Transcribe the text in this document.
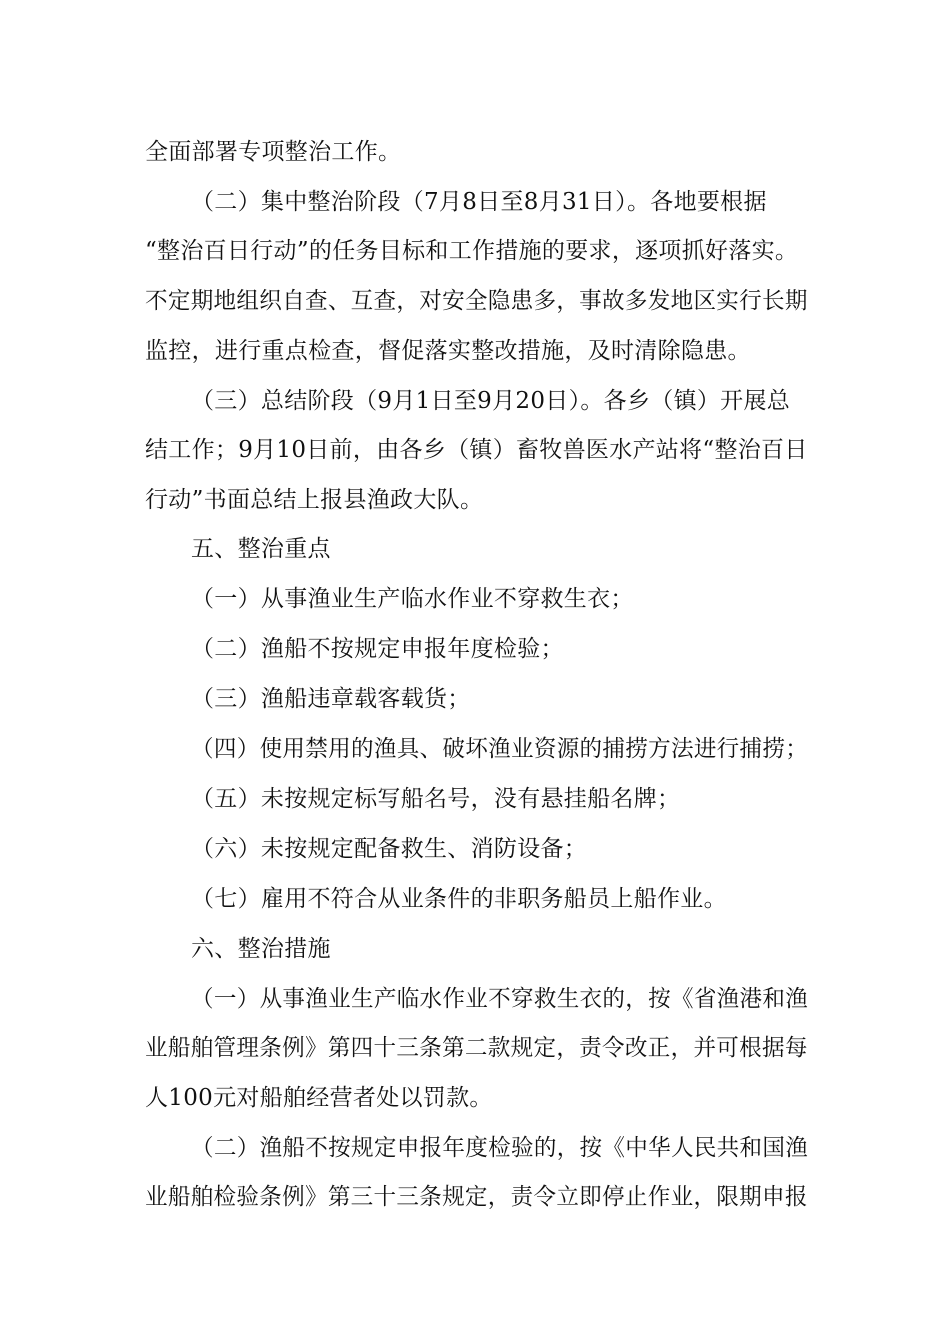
全面部署专项整治工作。
（二）集中整治阶段（7月8日至8月31日）。各地要根据
“整治百日行动”的任务目标和工作措施的要求，逐项抓好落实。
不定期地组织自查、互查，对安全隐患多，事故多发地区实行长期
监控，进行重点检查，督促落实整改措施，及时清除隐患。
（三）总结阶段（9月1日至9月20日）。各乡（镇）开展总
结工作；9月10日前，由各乡（镇）畜牧兽医水产站将“整治百日
行动”书面总结上报县渔政大队。
五、整治重点
（一）从事渔业生产临水作业不穿救生衣；
（二）渔船不按规定申报年度检验；
（三）渔船违章载客载货；
（四）使用禁用的渔具、破坏渔业资源的捕捞方法进行捕捞；
（五）未按规定标写船名号，没有悬挂船名牌；
（六）未按规定配备救生、消防设备；
（七）雇用不符合从业条件的非职务船员上船作业。
六、整治措施
（一）从事渔业生产临水作业不穿救生衣的，按《省渔港和渔
业船舶管理条例》第四十三条第二款规定，责令改正，并可根据每
人100元对船舶经营者处以罚款。
（二）渔船不按规定申报年度检验的，按《中华人民共和国渔
业船舶检验条例》第三十三条规定，责令立即停止作业，限期申报
